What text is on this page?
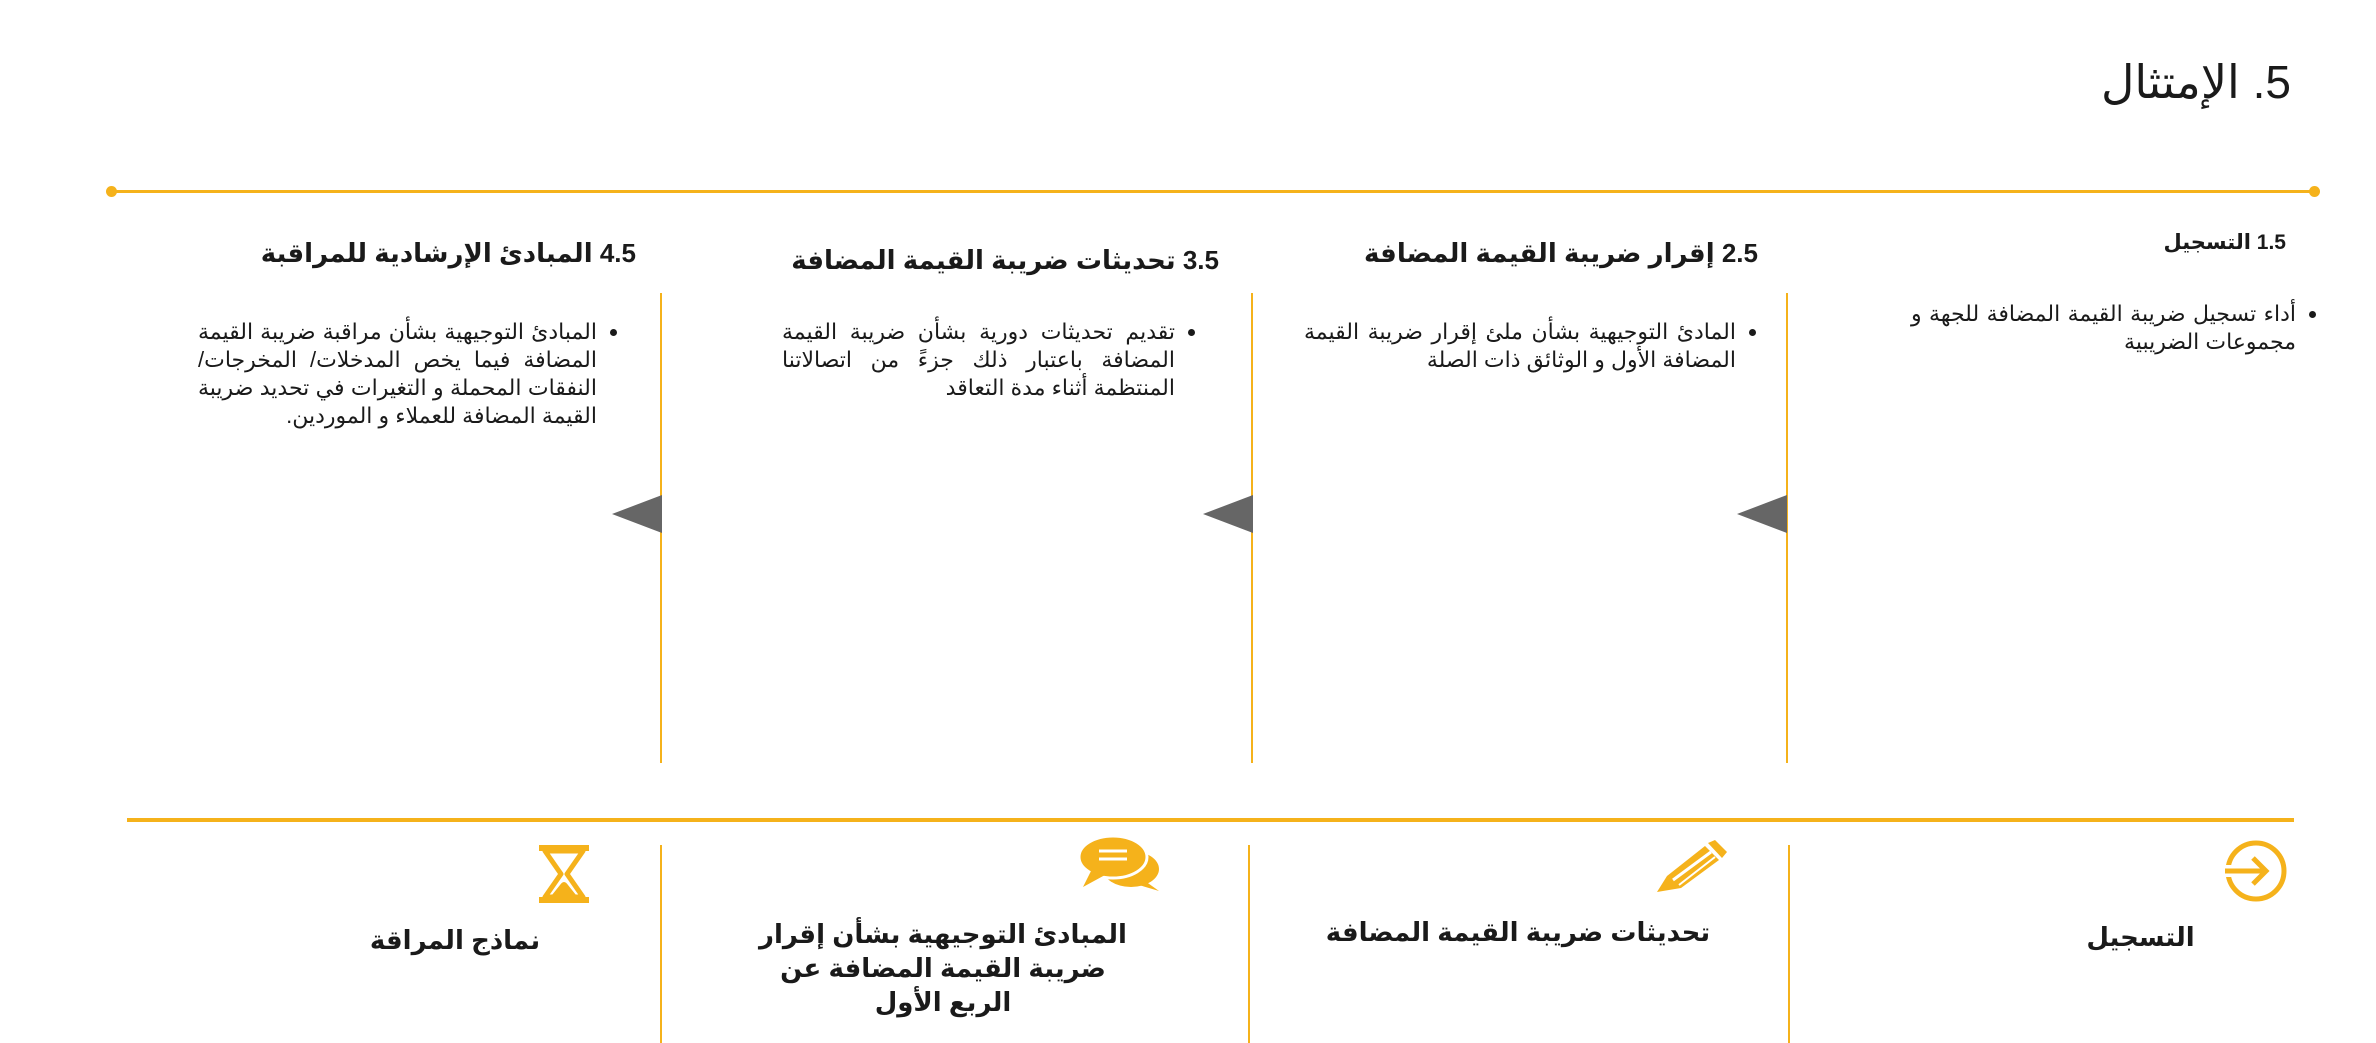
5. الإمتثال
1.5 التسجيل
• أداء تسجيل ضريبة القيمة المضافة للجهة و مجموعات الضريبية
2.5 إقرار ضريبة القيمة المضافة
• المادئ التوجيهية بشأن ملئ إقرار ضريبة القيمة المضافة الأول و الوثائق ذات الصلة
3.5 تحديثات ضريبة القيمة المضافة
• تقديم تحديثات دورية بشأن ضريبة القيمة المضافة باعتبار ذلك جزءً من اتصالاتنا المنتظمة أثناء مدة التعاقد
4.5 المبادئ الإرشادية للمراقبة
• المبادئ التوجيهية بشأن مراقبة ضريبة القيمة المضافة فيما يخص المدخلات/ المخرجات/ النفقات المحملة و التغيرات في تحديد ضريبة القيمة المضافة للعملاء و الموردين.
التسجيل
تحديثات ضريبة القيمة المضافة
المبادئ التوجيهية بشأن إقرار ضريبة القيمة المضافة عن الربع الأول
نماذج المراقة
